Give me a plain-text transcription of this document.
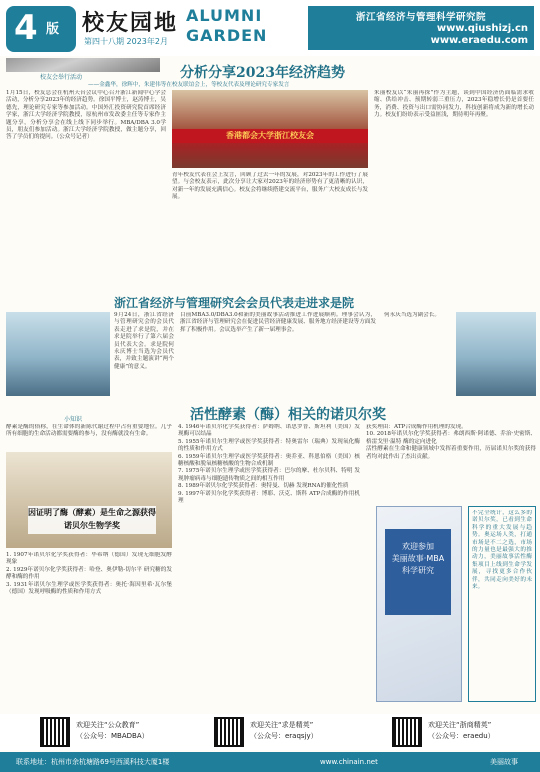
4 版 校友园地
第四十八期 2023年2月
ALUMNI
GARDEN
浙江省经济与管理科学研究院
www.qiushizj.cn
www.eraedu.com
校友会举行活动	分析分享2023年经济趋势
——金鑫华，徐辉中，朱建伟等在校友联谊会上，等校友代表及理论研究专家发言
1月15日，校友总会在杭州天台会议中心召开浙江新闻中心学会活动，分析分享2023年的经济趋势。徐国平博士，赵涛博士，吴德先，理论研究专家等参加活动。中国外汇投资研究院首席经济学家，浙江大学经济学院教授，原杭州市发改委主任等专家作主题分享，分析分享会在线上线下同步举行。MBA/DBA 3.0学员，朋友们参加活动。浙江大学经济学院教授，做主题分享，回答了学员们的提问。（公众号记者）	香港都会大学浙江校友会
青年校友代表在会上发言，回顾了过去一年的发展，对2023年的工作进行了展望。与会校友表示，此次分享让大家对2023年的经济形势有了更清晰的认识，对新一年的发展充满信心。校友会将继续搭建交流平台，服务广大校友成长与发展。
朱丽校友以“朱丽再探”作为主题，谈到中国经济仍面临需求收缩、供给冲击、预期转弱三重压力，2023年稳增长仍是首要任务，消费、投资与出口需协同发力，科技创新将成为新的增长动力。校友们纷纷表示受益匪浅，期待明年再聚。
浙江省经济与管理研究会会员代表走进求是院
9月24日，浙江省经济与管理研究会的会员代表走进了求是院，并在求是院举行了第六届会员代表大会。求是院何永庆博士当选为会员代表，并致主题演讲“两个健康”的意义。
目前MBA3.0/DBA3.0和新的美丽故事活动推进工作进展顺利。理事会认为，浙江省经济与管理研究会在促进民营经济健康发展、服务地方经济建设等方面发挥了积极作用。会议选举产生了新一届理事会。
何永庆当选为副会长。
小知识	活性酵素（酶）相关的诺贝尔奖
酵素是酶的俗称，在生命体的新陈代谢过程中占有重要地位。几乎所有细胞的生命活动都需要酶的参与，没有酶就没有生命。
因证明了酶（酵素）是生命之源获得诺贝尔生物学奖
1. 1907年诺贝尔化学奖获得者：毕希纳（德国）发现无细胞发酵现象
2. 1929年诺贝尔化学奖获得者：哈登、奥伊勒-切尔平 研究糖的发酵和酶的作用
3. 1931年诺贝尔生理学或医学奖获得者：奥托·海因里希·瓦尔堡（德国）发现呼吸酶的性质和作用方式
4. 1946年诺贝尔化学奖获得者：萨姆纳、诺思罗普、斯坦利（美国）发现酶可以结晶
5. 1955年诺贝尔生理学或医学奖获得者：特奥雷尔（瑞典）发现氧化酶的性质和作用方式
6. 1959年诺贝尔生理学或医学奖获得者：奥乔亚、科恩伯格（美国）核糖核酸和脱氧核糖核酸的生物合成机制
7. 1975年诺贝尔生理学或医学奖获得者：巴尔的摩、杜尔贝科、特明 发现肿瘤病毒与细胞遗传物质之间的相互作用
8. 1989年诺贝尔化学奖获得者：奥特曼、切赫 发现RNA的催化性质
9. 1997年诺贝尔化学奖获得者：博耶、沃克、斯科 ATP合成酶的作用机理
获奖理由：ATP合成酶作用机理的发现。
10. 2018年诺贝尔化学奖获得者：弗朗西斯·阿诺德、乔治·史密斯、格雷戈里·温特 酶的定向进化
活性酵素在生命和健康领域中发挥着重要作用，历届诺贝尔奖的获得者均对此作出了杰出贡献。
欢迎参加
美丽故事·MBA
科学研究
不完全统计，这么多的诺贝尔奖，已看到生命科学的重大发展与趋势。奥运场人类，打通市场是不二之选，市场的力量也是最强大的推动力，美丽故事活性酶集项目上线到生命学发展，寻找更多合作伙伴，共同走向美好的未来。
欢迎关注“公众教育”
（公众号：MBADBA）
欢迎关注“求是精英”
（公众号：eraqsjy）
欢迎关注“浙商精英”
（公众号：eraedu）
联系地址：杭州市余杭塘路69号西溪科技大厦1楼	www.chinain.net	美丽故事
